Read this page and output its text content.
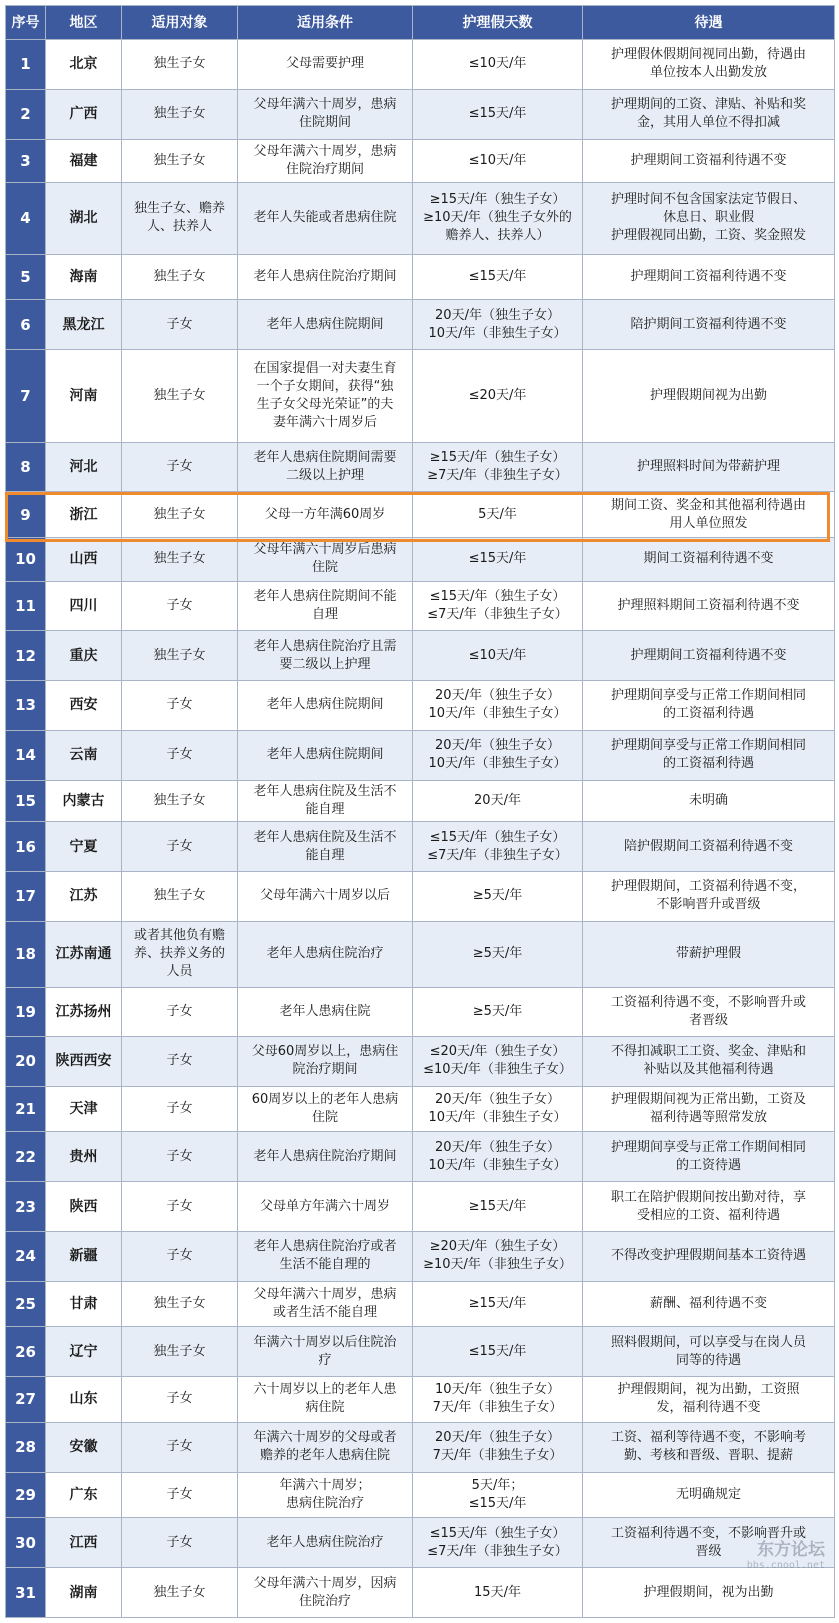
序号	地区	适用对象	适用条件	护理假天数	待遇
1	北京	独生子女	父母需要护理	≤10天/年	护理假休假期间视同出勤，待遇由
单位按本人出勤发放
2	广西	独生子女	父母年满六十周岁，患病
住院期间	≤15天/年	护理期间的工资、津贴、补贴和奖
金，其用人单位不得扣减
3	福建	独生子女	父母年满六十周岁，患病
住院治疗期间	≤10天/年	护理期间工资福利待遇不变
4	湖北	独生子女、赡养
人、扶养人	老年人失能或者患病住院	≥15天/年（独生子女）
≥10天/年（独生子女外的
赡养人、扶养人）	护理时间不包含国家法定节假日、
休息日、职业假
护理假视同出勤，工资、奖金照发
5	海南	独生子女	老年人患病住院治疗期间	≤15天/年	护理期间工资福利待遇不变
6	黑龙江	子女	老年人患病住院期间	20天/年（独生子女）
10天/年（非独生子女）	陪护期间工资福利待遇不变
7	河南	独生子女	在国家提倡一对夫妻生育
一个子女期间，获得“独
生子女父母光荣证”的夫
妻年满六十周岁后	≤20天/年	护理假期间视为出勤
8	河北	子女	老年人患病住院期间需要
二级以上护理	≥15天/年（独生子女）
≥7天/年（非独生子女）	护理照料时间为带薪护理
9	浙江	独生子女	父母一方年满60周岁	5天/年	期间工资、奖金和其他福利待遇由
用人单位照发
10	山西	独生子女	父母年满六十周岁后患病
住院	≤15天/年	期间工资福利待遇不变
11	四川	子女	老年人患病住院期间不能
自理	≤15天/年（独生子女）
≤7天/年（非独生子女）	护理照料期间工资福利待遇不变
12	重庆	独生子女	老年人患病住院治疗且需
要二级以上护理	≤10天/年	护理期间工资福利待遇不变
13	西安	子女	老年人患病住院期间	20天/年（独生子女）
10天/年（非独生子女）	护理期间享受与正常工作期间相同
的工资福利待遇
14	云南	子女	老年人患病住院期间	20天/年（独生子女）
10天/年（非独生子女）	护理期间享受与正常工作期间相同
的工资福利待遇
15	内蒙古	独生子女	老年人患病住院及生活不
能自理	20天/年	未明确
16	宁夏	子女	老年人患病住院及生活不
能自理	≤15天/年（独生子女）
≤7天/年（非独生子女）	陪护假期间工资福利待遇不变
17	江苏	独生子女	父母年满六十周岁以后	≥5天/年	护理假期间，工资福利待遇不变，
不影响晋升或晋级
18	江苏南通	或者其他负有赡
养、扶养义务的
人员	老年人患病住院治疗	≥5天/年	带薪护理假
19	江苏扬州	子女	老年人患病住院	≥5天/年	工资福利待遇不变，不影响晋升或
者晋级
20	陕西西安	子女	父母60周岁以上，患病住
院治疗期间	≤20天/年（独生子女）
≤10天/年（非独生子女）	不得扣减职工工资、奖金、津贴和
补贴以及其他福利待遇
21	天津	子女	60周岁以上的老年人患病
住院	20天/年（独生子女）
10天/年（非独生子女）	护理假期间视为正常出勤，工资及
福利待遇等照常发放
22	贵州	子女	老年人患病住院治疗期间	20天/年（独生子女）
10天/年（非独生子女）	护理期间享受与正常工作期间相同
的工资待遇
23	陕西	子女	父母单方年满六十周岁	≥15天/年	职工在陪护假期间按出勤对待，享
受相应的工资、福利待遇
24	新疆	子女	老年人患病住院治疗或者
生活不能自理的	≥20天/年（独生子女）
≥10天/年（非独生子女）	不得改变护理假期间基本工资待遇
25	甘肃	独生子女	父母年满六十周岁，患病
或者生活不能自理	≥15天/年	薪酬、福利待遇不变
26	辽宁	独生子女	年满六十周岁以后住院治
疗	≤15天/年	照料假期间，可以享受与在岗人员
同等的待遇
27	山东	子女	六十周岁以上的老年人患
病住院	10天/年（独生子女）
7天/年（非独生子女）	护理假期间，视为出勤，工资照
发，福利待遇不变
28	安徽	子女	年满六十周岁的父母或者
赡养的老年人患病住院	20天/年（独生子女）
7天/年（非独生子女）	工资、福利等待遇不变，不影响考
勤、考核和晋级、晋职、提薪
29	广东	子女	年满六十周岁；
患病住院治疗	5天/年；
≤15天/年	无明确规定
30	江西	子女	老年人患病住院治疗	≤15天/年（独生子女）
≤7天/年（非独生子女）	工资福利待遇不变，不影响晋升或
晋级
31	湖南	独生子女	父母年满六十周岁，因病
住院治疗	15天/年	护理假期间，视为出勤
东方论坛
bbs.cnool.net
